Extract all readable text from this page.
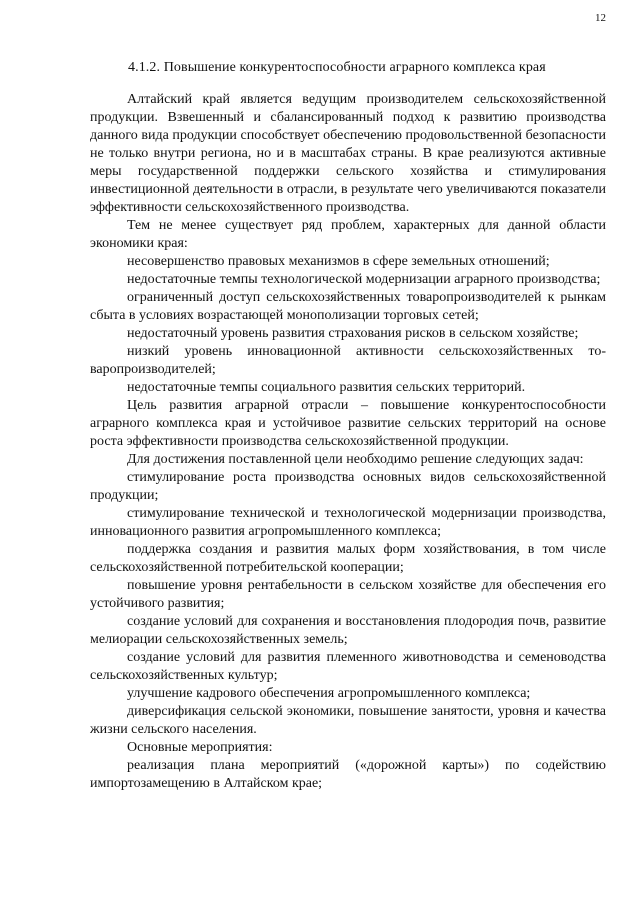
12
4.1.2. Повышение конкурентоспособности аграрного комплекса края

Алтайский край является ведущим производителем сельскохозяйственной продукции. Взвешенный и сбалансированный подход к развитию производства данного вида продукции способствует обеспечению продовольственной безопасности не только внутри региона, но и в масштабах страны. В крае реализуются активные меры государственной поддержки сельского хозяйства и стимулирования инвестиционной деятельности в отрасли, в результате чего увеличиваются показатели эффективности сельскохозяйственного производства.

Тем не менее существует ряд проблем, характерных для данной области экономики края:

несовершенство правовых механизмов в сфере земельных отношений;

недостаточные темпы технологической модернизации аграрного производства;

ограниченный доступ сельскохозяйственных товаропроизводителей к рынкам сбыта в условиях возрастающей монополизации торговых сетей;

недостаточный уровень развития страхования рисков в сельском хозяйстве;

низкий уровень инновационной активности сельскохозяйственных товаропроизводителей;

недостаточные темпы социального развития сельских территорий.

Цель развития аграрной отрасли – повышение конкурентоспособности аграрного комплекса края и устойчивое развитие сельских территорий на основе роста эффективности производства сельскохозяйственной продукции.

Для достижения поставленной цели необходимо решение следующих задач:

стимулирование роста производства основных видов сельскохозяйственной продукции;

стимулирование технической и технологической модернизации производства, инновационного развития агропромышленного комплекса;

поддержка создания и развития малых форм хозяйствования, в том числе сельскохозяйственной потребительской кооперации;

повышение уровня рентабельности в сельском хозяйстве для обеспечения его устойчивого развития;

создание условий для сохранения и восстановления плодородия почв, развитие мелиорации сельскохозяйственных земель;

создание условий для развития племенного животноводства и семеноводства сельскохозяйственных культур;

улучшение кадрового обеспечения агропромышленного комплекса;

диверсификация сельской экономики, повышение занятости, уровня и качества жизни сельского населения.

Основные мероприятия:

реализация плана мероприятий («дорожной карты») по содействию импортозамещению в Алтайском крае;
